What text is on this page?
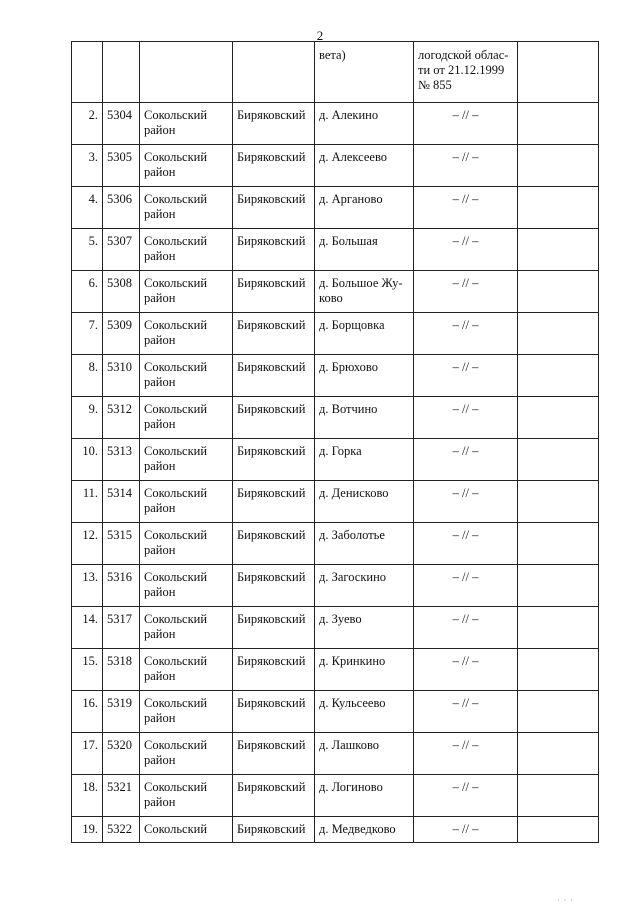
2
				вета)	логодской облас-
ти от 21.12.1999
№ 855	
2.	5304	Сокольский
район	Биряковский	д. Алекино	– // –	
3.	5305	Сокольский
район	Биряковский	д. Алексеево	– // –	
4.	5306	Сокольский
район	Биряковский	д. Арганово	– // –	
5.	5307	Сокольский
район	Биряковский	д. Большая	– // –	
6.	5308	Сокольский
район	Биряковский	д. Большое Жу-
ково	– // –	
7.	5309	Сокольский
район	Биряковский	д. Борщовка	– // –	
8.	5310	Сокольский
район	Биряковский	д. Брюхово	– // –	
9.	5312	Сокольский
район	Биряковский	д. Вотчино	– // –	
10.	5313	Сокольский
район	Биряковский	д. Горка	– // –	
11.	5314	Сокольский
район	Биряковский	д. Денисково	– // –	
12.	5315	Сокольский
район	Биряковский	д. Заболотье	– // –	
13.	5316	Сокольский
район	Биряковский	д. Загоскино	– // –	
14.	5317	Сокольский
район	Биряковский	д. Зуево	– // –	
15.	5318	Сокольский
район	Биряковский	д. Кринкино	– // –	
16.	5319	Сокольский
район	Биряковский	д. Кульсеево	– // –	
17.	5320	Сокольский
район	Биряковский	д. Лашково	– // –	
18.	5321	Сокольский
район	Биряковский	д. Логиново	– // –	
19.	5322	Сокольский	Биряковский	д. Медведково	– // –	
· · ·
